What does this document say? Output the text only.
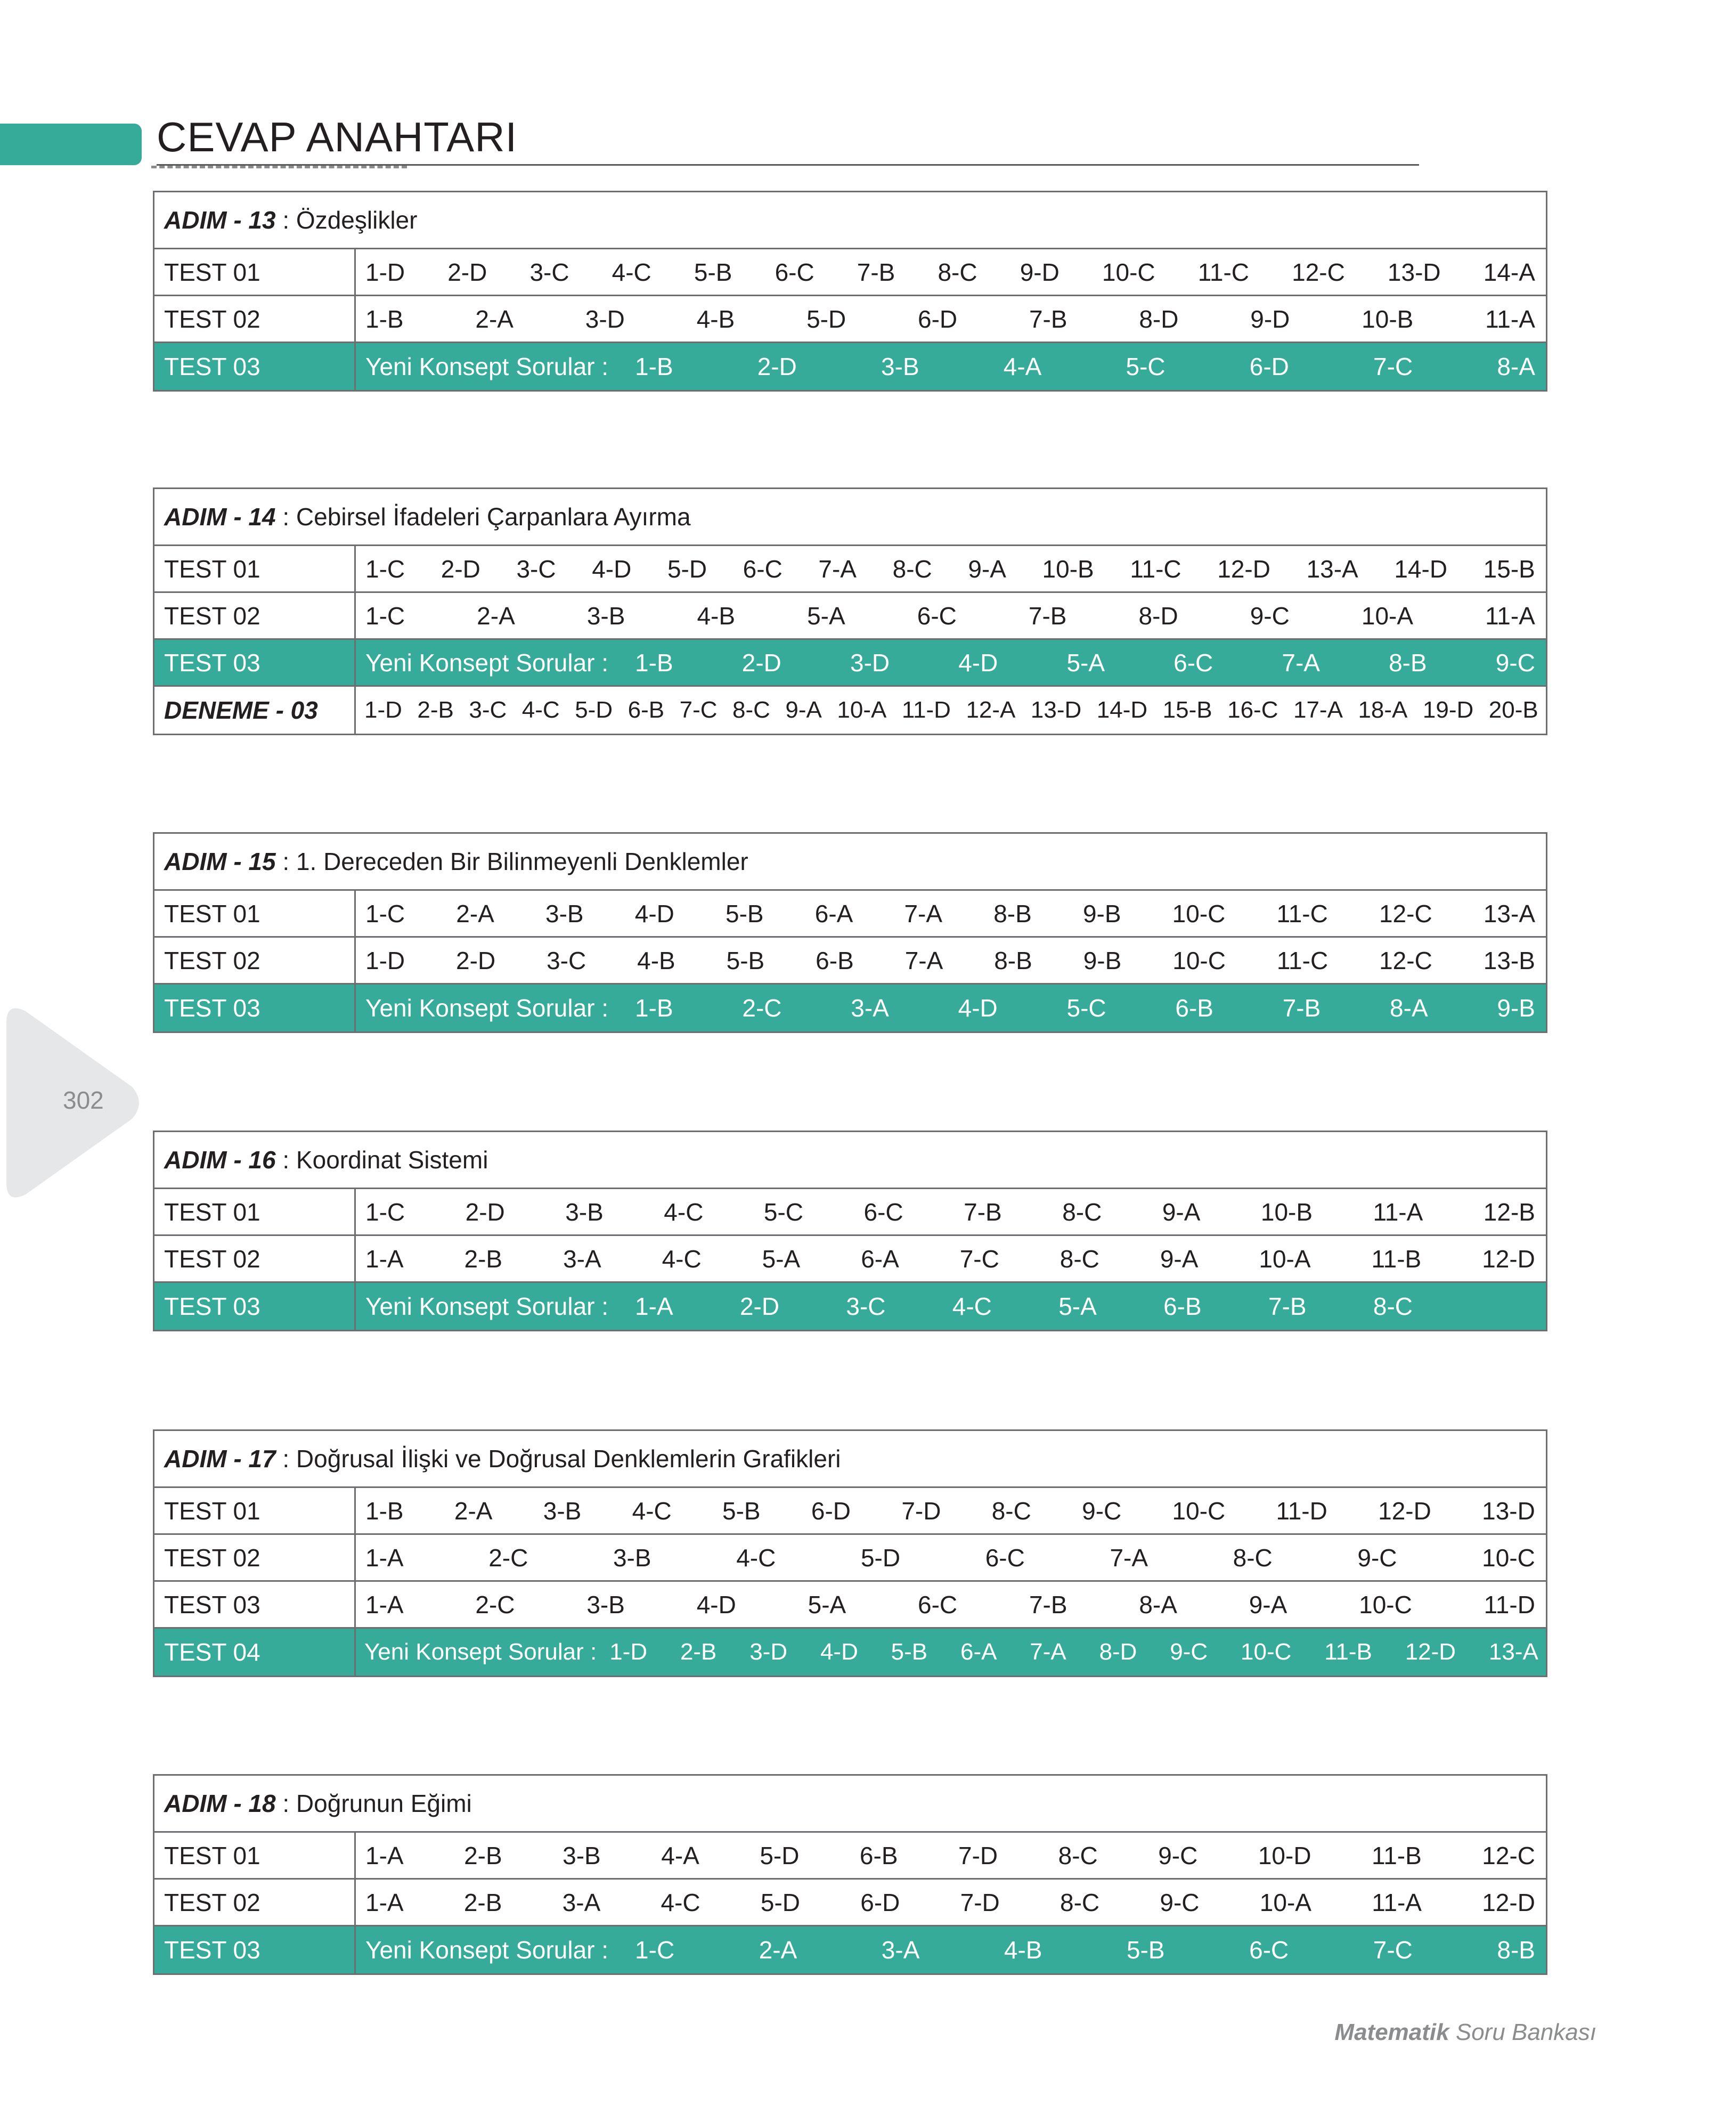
CEVAP ANAHTARI
302
ADIM - 13 : Özdeşlikler
TEST 01	1-D 2-D 3-C 4-C 5-B 6-C 7-B 8-C 9-D 10-C 11-C 12-C 13-D 14-A
TEST 02	1-B	2-A	3-D	4-B	5-D	6-D	7-B	8-D	9-D	10-B	11-A
TEST 03	Yeni Konsept Sorular : 1-B	2-D	3-B	4-A	5-C	6-D	7-C	8-A
ADIM - 14 : Cebirsel İfadeleri Çarpanlara Ayırma
TEST 01	1-C 2-D 3-C 4-D 5-D 6-C 7-A 8-C 9-A 10-B 11-C 12-D 13-A 14-D 15-B
TEST 02	1-C	2-A	3-B	4-B	5-A	6-C	7-B	8-D	9-C	10-A	11-A
TEST 03	Yeni Konsept Sorular : 1-B	2-D	3-D	4-D	5-A	6-C	7-A	8-B	9-C
DENEME - 03	1-D 2-B 3-C 4-C 5-D 6-B 7-C 8-C 9-A 10-A 11-D 12-A 13-D 14-D 15-B 16-C 17-A 18-A 19-D 20-B
ADIM - 15 : 1. Dereceden Bir Bilinmeyenli Denklemler
TEST 01	1-C 2-A 3-B 4-D 5-B 6-A 7-A 8-B 9-B 10-C 11-C 12-C 13-A
TEST 02	1-D 2-D 3-C 4-B 5-B 6-B 7-A 8-B 9-B 10-C 11-C 12-C 13-B
TEST 03	Yeni Konsept Sorular : 1-B	2-C	3-A	4-D	5-C	6-B	7-B	8-A	9-B
ADIM - 16 : Koordinat Sistemi
TEST 01	1-C 2-D 3-B 4-C 5-C 6-C 7-B 8-C 9-A 10-B 11-A 12-B
TEST 02	1-A 2-B 3-A 4-C 5-A 6-A 7-C 8-C 9-A 10-A 11-B 12-D
TEST 03	Yeni Konsept Sorular : 1-A	2-D	3-C	4-C	5-A	6-B	7-B	8-C
ADIM - 17 : Doğrusal İlişki ve Doğrusal Denklemlerin Grafikleri
TEST 01	1-B 2-A 3-B 4-C 5-B 6-D 7-D 8-C 9-C 10-C 11-D 12-D 13-D
TEST 02	1-A	2-C	3-B	4-C	5-D	6-C	7-A	8-C	9-C	10-C
TEST 03	1-A	2-C	3-B	4-D	5-A	6-C	7-B	8-A	9-A	10-C	11-D
TEST 04	Yeni Konsept Sorular : 1-D 2-B 3-D 4-D 5-B 6-A 7-A 8-D 9-C 10-C 11-B 12-D 13-A
ADIM - 18 : Doğrunun Eğimi
TEST 01	1-A 2-B 3-B 4-A 5-D 6-B 7-D 8-C 9-C 10-D 11-B 12-C
TEST 02	1-A 2-B 3-A 4-C 5-D 6-D 7-D 8-C 9-C 10-A 11-A 12-D
TEST 03	Yeni Konsept Sorular : 1-C	2-A	3-A	4-B	5-B	6-C	7-C	8-B
Matematik Soru Bankası
